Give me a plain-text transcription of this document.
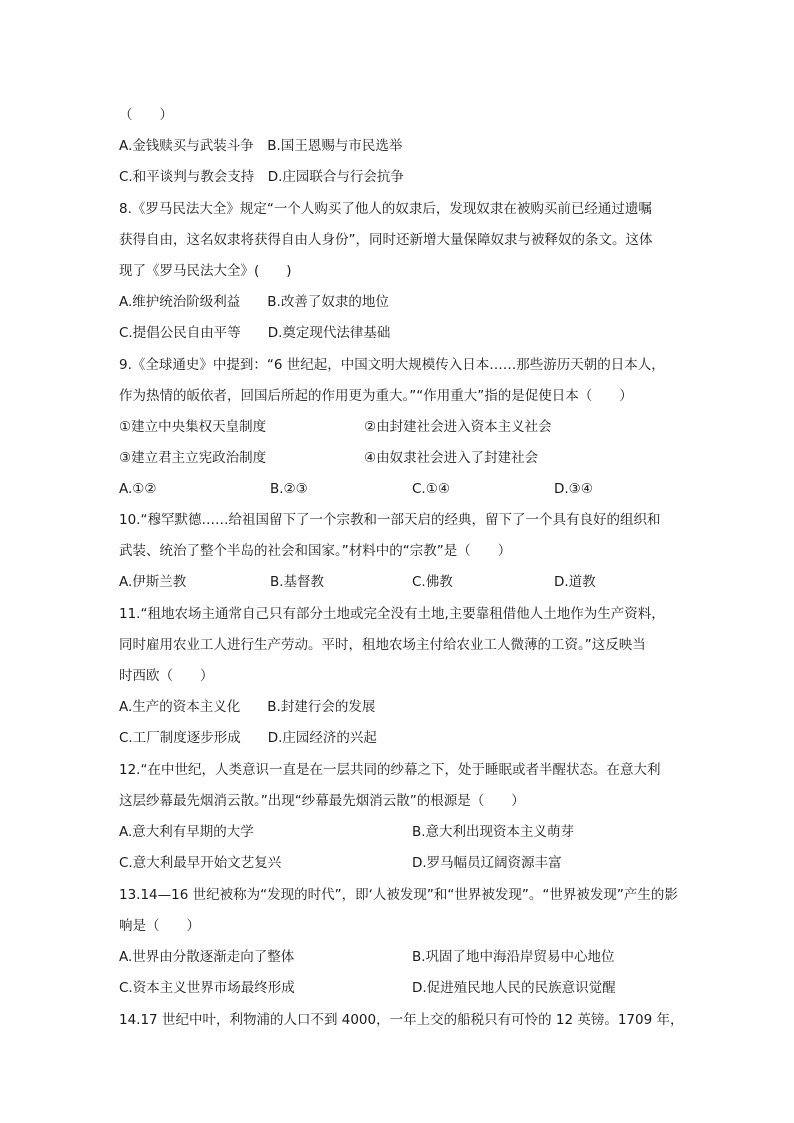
（　　）
A.金钱赎买与武装斗争　B.国王恩赐与市民选举
C.和平谈判与教会支持　D.庄园联合与行会抗争
8.《罗马民法大全》规定“一个人购买了他人的奴隶后，发现奴隶在被购买前已经通过遗嘱
获得自由，这名奴隶将获得自由人身份”，同时还新增大量保障奴隶与被释奴的条文。这体
现了《罗马民法大全》(　　)
A.维护统治阶级利益　　B.改善了奴隶的地位
C.提倡公民自由平等　　D.奠定现代法律基础
9.《全球通史》中提到：“6 世纪起，中国文明大规模传入日本……那些游历天朝的日本人，
作为热情的皈依者，回国后所起的作用更为重大。”“作用重大”指的是促使日本（　　）
①建立中央集权天皇制度	②由封建社会进入资本主义社会
③建立君主立宪政治制度	④由奴隶社会进入了封建社会
A.①②	B.②③	C.①④	D.③④
10.“穆罕默德……给祖国留下了一个宗教和一部天启的经典，留下了一个具有良好的组织和
武装、统治了整个半岛的社会和国家。”材料中的“宗教”是（　　）
A.伊斯兰教	B.基督教	C.佛教	D.道教
11.“租地农场主通常自己只有部分土地或完全没有土地,主要靠租借他人土地作为生产资料，
同时雇用农业工人进行生产劳动。平时，租地农场主付给农业工人微薄的工资。”这反映当
时西欧（　　）
A.生产的资本主义化　　B.封建行会的发展
C.工厂制度逐步形成　　D.庄园经济的兴起
12.“在中世纪，人类意识一直是在一层共同的纱幕之下，处于睡眠或者半醒状态。在意大利
这层纱幕最先烟消云散。”出现“纱幕最先烟消云散”的根源是（　　）
A.意大利有早期的大学	B.意大利出现资本主义萌芽
C.意大利最早开始文艺复兴	D.罗马幅员辽阔资源丰富
13.14—16 世纪被称为“发现的时代”，即‘人被发现”和“世界被发现”。“世界被发现”产生的影
响是（　　）
A.世界由分散逐渐走向了整体	B.巩固了地中海沿岸贸易中心地位
C.资本主义世界市场最终形成	D.促进殖民地人民的民族意识觉醒
14.17 世纪中叶，利物浦的人口不到 4000，一年上交的船税只有可怜的 12 英镑。1709 年，
